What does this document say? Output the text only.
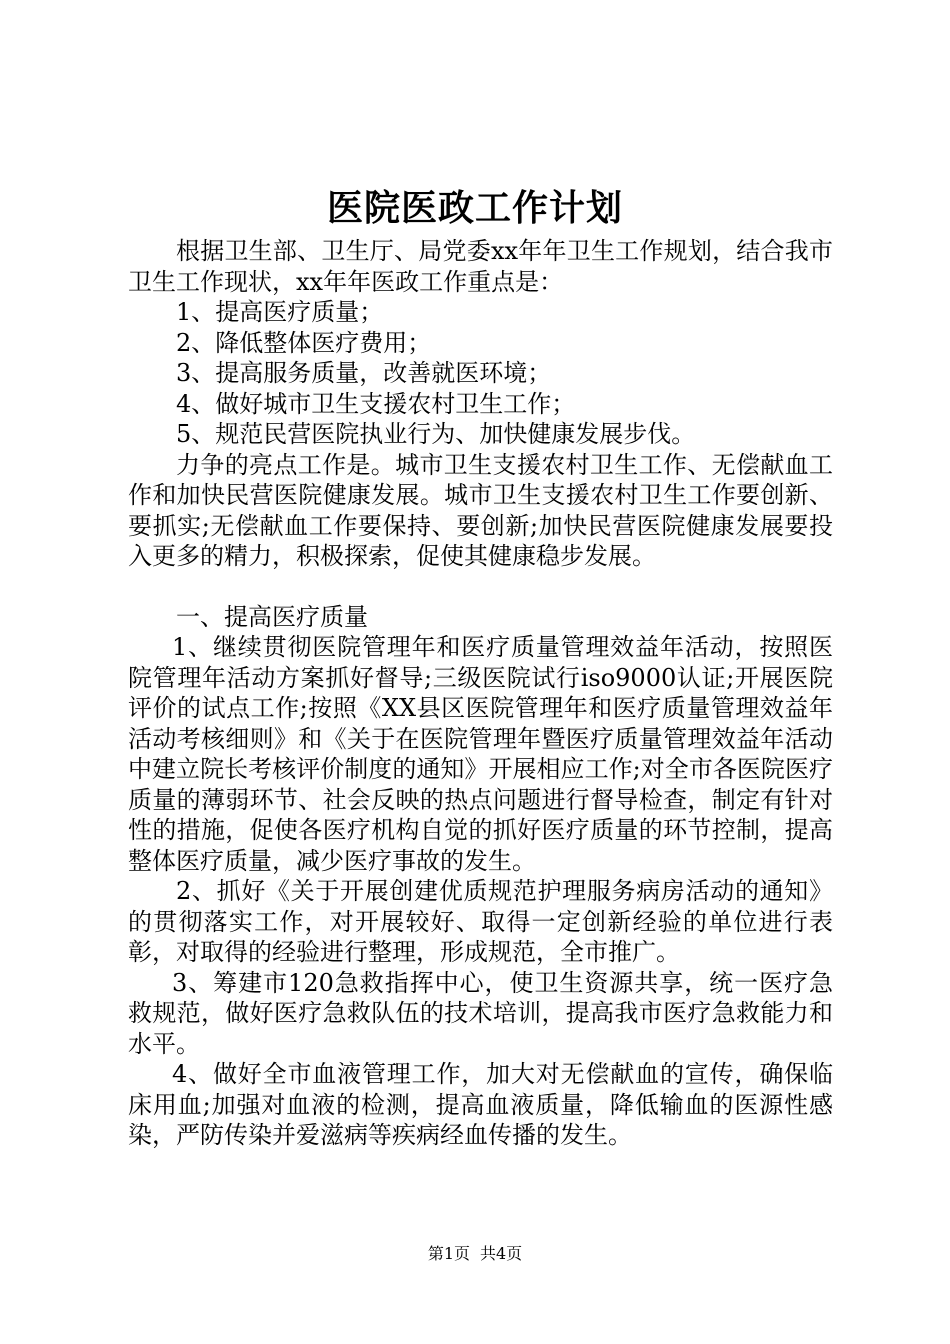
医院医政工作计划

根据卫生部、卫生厅、局党委xx年年卫生工作规划，结合我市卫生工作现状，xx年年医政工作重点是：

1、提高医疗质量；

2、降低整体医疗费用；

3、提高服务质量，改善就医环境；

4、做好城市卫生支援农村卫生工作；

5、规范民营医院执业行为、加快健康发展步伐。

力争的亮点工作是。城市卫生支援农村卫生工作、无偿献血工作和加快民营医院健康发展。城市卫生支援农村卫生工作要创新、要抓实;无偿献血工作要保持、要创新;加快民营医院健康发展要投入更多的精力，积极探索，促使其健康稳步发展。

一、提高医疗质量

1、继续贯彻医院管理年和医疗质量管理效益年活动，按照医院管理年活动方案抓好督导;三级医院试行iso9000认证;开展医院评价的试点工作;按照《XX县区医院管理年和医疗质量管理效益年活动考核细则》和《关于在医院管理年暨医疗质量管理效益年活动中建立院长考核评价制度的通知》开展相应工作;对全市各医院医疗质量的薄弱环节、社会反映的热点问题进行督导检查，制定有针对性的措施，促使各医疗机构自觉的抓好医疗质量的环节控制，提高整体医疗质量，减少医疗事故的发生。

2、抓好《关于开展创建优质规范护理服务病房活动的通知》的贯彻落实工作，对开展较好、取得一定创新经验的单位进行表彰，对取得的经验进行整理，形成规范，全市推广。

3、筹建市120急救指挥中心，使卫生资源共享，统一医疗急救规范，做好医疗急救队伍的技术培训，提高我市医疗急救能力和水平。

4、做好全市血液管理工作，加大对无偿献血的宣传，确保临床用血;加强对血液的检测，提高血液质量，降低输血的医源性感染，严防传染并爱滋病等疾病经血传播的发生。

第1页 共4页
